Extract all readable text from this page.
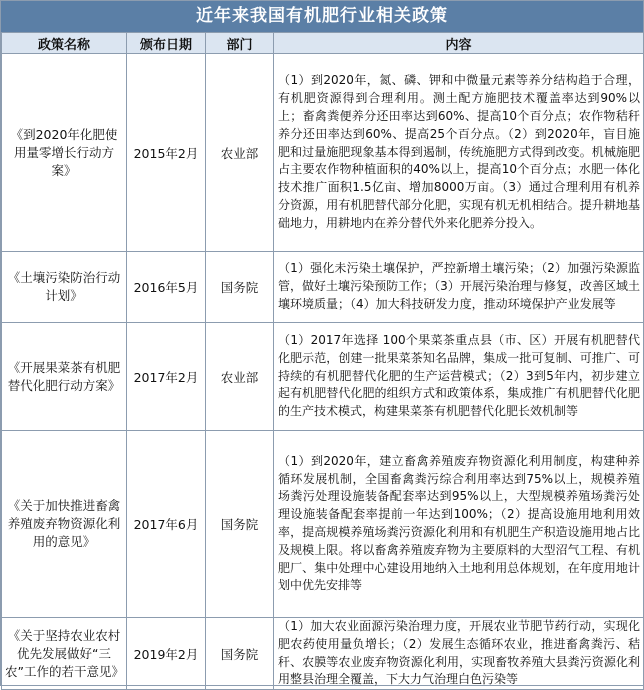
近年来我国有机肥行业相关政策
政策名称	颁布日期	部门	内容
《到2020年化肥使用量零增长行动方案》	2015年2月	农业部	（1）到2020年，氮、磷、钾和中微量元素等养分结构趋于合理，有机肥资源得到合理利用。测土配方施肥技术覆盖率达到90%以上；畜禽粪便养分还田率达到60%、提高10个百分点；农作物秸秆养分还田率达到60%、提高25个百分点。（2）到2020年，盲目施肥和过量施肥现象基本得到遏制，传统施肥方式得到改变。机械施肥占主要农作物种植面积的40%以上，提高10个百分点；水肥一体化技术推广面积1.5亿亩、增加8000万亩。（3）通过合理利用有机养分资源，用有机肥替代部分化肥，实现有机无机相结合。提升耕地基础地力，用耕地内在养分替代外来化肥养分投入。
《土壤污染防治行动计划》	2016年5月	国务院	（1）强化未污染土壤保护，严控新增土壤污染；（2）加强污染源监管，做好土壤污染预防工作；（3）开展污染治理与修复，改善区域土壤环境质量；（4）加大科技研发力度，推动环境保护产业发展等
《开展果菜茶有机肥替代化肥行动方案》	2017年2月	农业部	（1）2017年选择 100个果菜茶重点县（市、区）开展有机肥替代化肥示范，创建一批果菜茶知名品牌，集成一批可复制、可推广、可持续的有机肥替代化肥的生产运营模式；（2）3到5年内，初步建立起有机肥替代化肥的组织方式和政策体系，集成推广有机肥替代化肥的生产技术模式，构建果菜茶有机肥替代化肥长效机制等
《关于加快推进畜禽养殖废弃物资源化利用的意见》	2017年6月	国务院	（1）到2020年，建立畜禽养殖废弃物资源化利用制度，构建种养循环发展机制，全国畜禽粪污综合利用率达到75%以上，规模养殖场粪污处理设施装备配套率达到95%以上，大型规模养殖场粪污处理设施装备配套率提前一年达到100%；（2）提高设施用地利用效率，提高规模养殖场粪污资源化利用和有机肥生产积造设施用地占比及规模上限。将以畜禽养殖废弃物为主要原料的大型沼气工程、有机肥厂、集中处理中心建设用地纳入土地利用总体规划，在年度用地计划中优先安排等
《关于坚持农业农村优先发展做好“三农”工作的若干意见》	2019年2月	国务院	（1）加大农业面源污染治理力度，开展农业节肥节药行动，实现化肥农药使用量负增长；（2）发展生态循环农业，推进畜禽粪污、秸秆、农膜等农业废弃物资源化利用，实现畜牧养殖大县粪污资源化利用整县治理全覆盖，下大力气治理白色污染等
